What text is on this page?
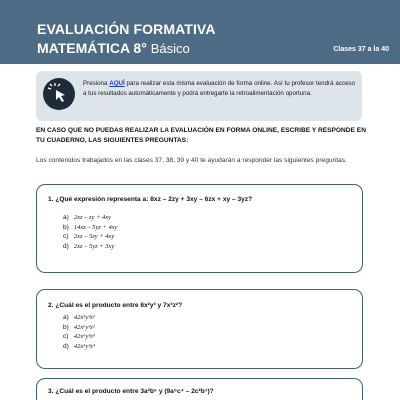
EVALUACIÓN FORMATIVA
MATEMÁTICA 8° Básico	Clases 37 a la 40
Presiona AQUÍ para realizar esta misma evaluación de forma online. Así tu profesor tendrá acceso a tus resultados automáticamente y podrá entregarte la retroalimentación oportuna.
EN CASO QUE NO PUEDAS REALIZAR LA EVALUACIÓN EN FORMA ONLINE, ESCRIBE Y RESPONDE EN TU CUADERNO, LAS SIGUIENTES PREGUNTAS:
Los contenidos trabajados en las clases 37, 38, 39 y 40 te ayudarán a responder las siguientes preguntas.
1. ¿Qué expresión representa a: 8xz – 2zy + 3xy – 6zx + xy – 3yz?
a) 2xz – zy + 4xy
b) 14xz – 5yz + 4xy
c) 2xz – 5zy + 4xy
d) 2xz – 5yz + 3xy
2. ¿Cuál es el producto entre 6x²y³ y 7x³z²?
a) 42x⁵y³z²
b) 42x⁶y³z²
c) 42x⁶y³z³
d) 42x⁵y³z³
3. ¿Cuál es el producto entre 3a²b⁵ y (9a⁵c⁴ – 2c²b⁷)?
